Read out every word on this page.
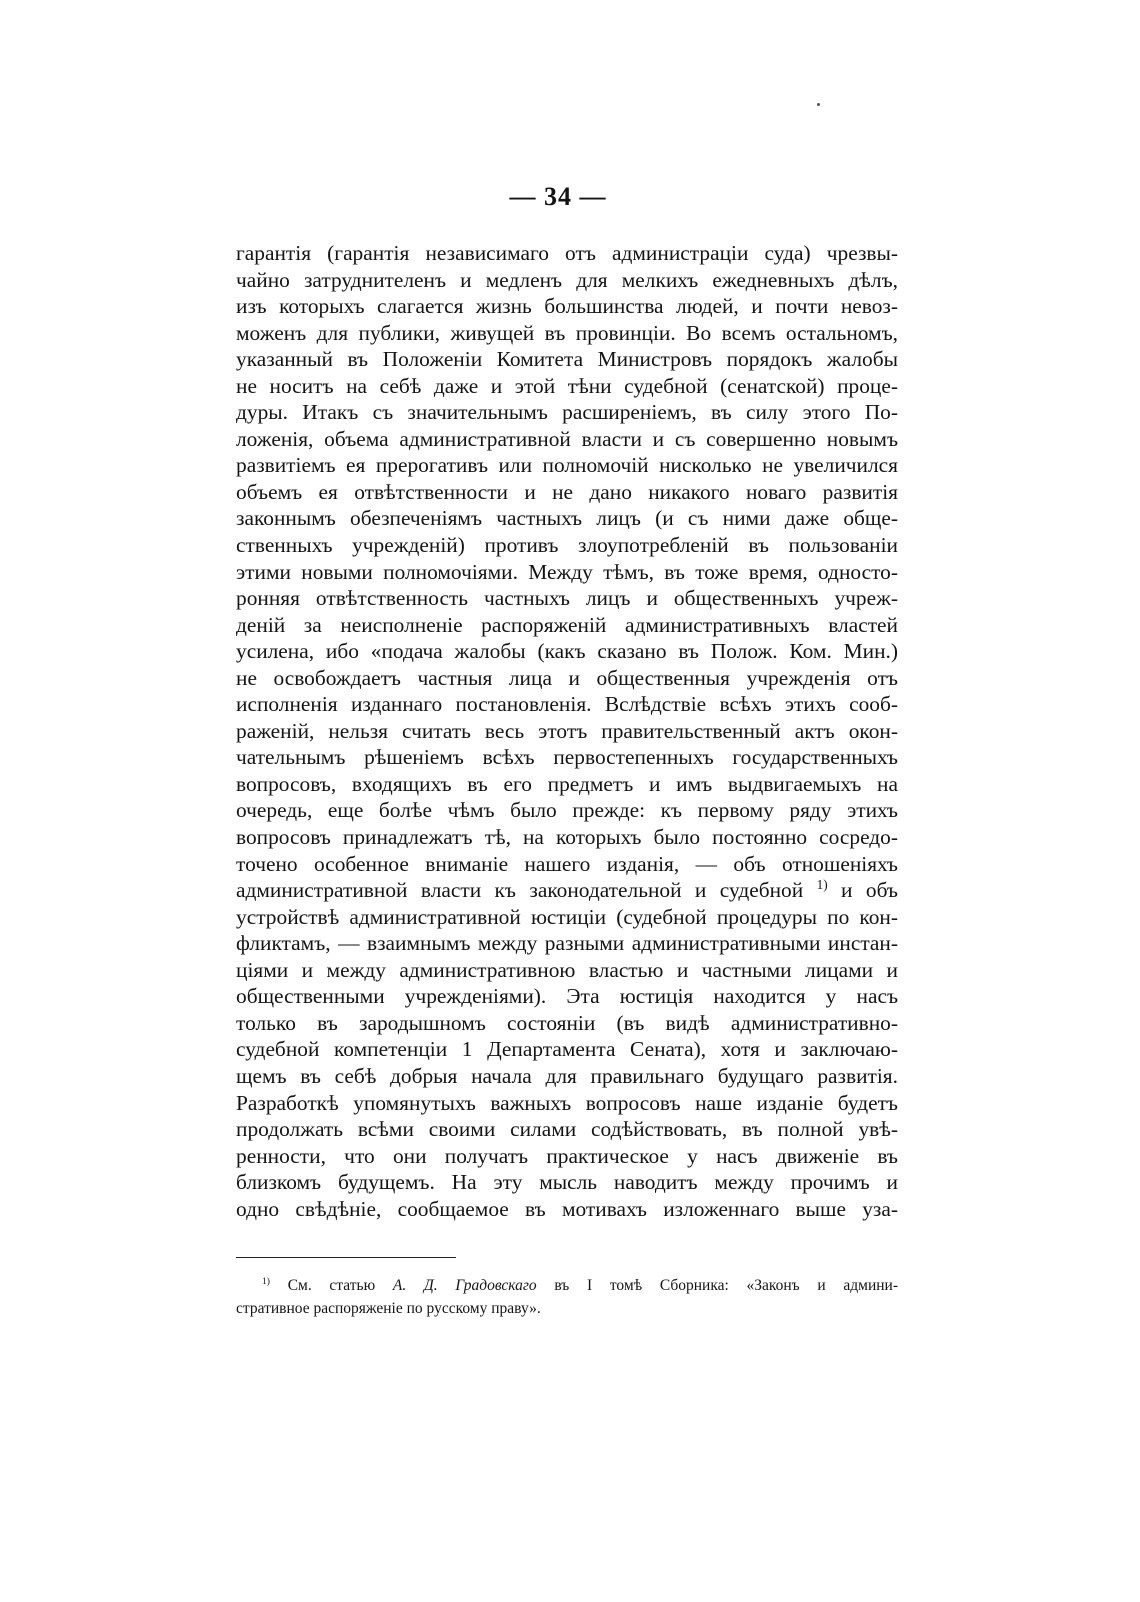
— 34 —
гарантія (гарантія независимаго отъ администраціи суда) чрезвы-
чайно затруднителенъ и медленъ для мелкихъ ежедневныхъ дѣлъ,
изъ которыхъ слагается жизнь большинства людей, и почти невоз-
моженъ для публики, живущей въ провинціи. Во всемъ остальномъ,
указанный въ Положеніи Комитета Министровъ порядокъ жалобы
не носитъ на себѣ даже и этой тѣни судебной (сенатской) проце-
дуры. Итакъ съ значительнымъ расширеніемъ, въ силу этого По-
ложенія, объема административной власти и съ совершенно новымъ
развитіемъ ея прерогативъ или полномочій нисколько не увеличился
объемъ ея отвѣтственности и не дано никакого новаго развитія
законнымъ обезпеченіямъ частныхъ лицъ (и съ ними даже обще-
ственныхъ учрежденій) противъ злоупотребленій въ пользованіи
этими новыми полномочіями. Между тѣмъ, въ тоже время, односто-
ронняя отвѣтственность частныхъ лицъ и общественныхъ учреж-
деній за неисполненіе распоряженій административныхъ властей
усилена, ибо «подача жалобы (какъ сказано въ Полож. Ком. Мин.)
не освобождаетъ частныя лица и общественныя учрежденія отъ
исполненія изданнаго постановленія. Вслѣдствіе всѣхъ этихъ сооб-
раженій, нельзя считать весь этотъ правительственный актъ окон-
чательнымъ рѣшеніемъ всѣхъ первостепенныхъ государственныхъ
вопросовъ, входящихъ въ его предметъ и имъ выдвигаемыхъ на
очередь, еще болѣе чѣмъ было прежде: къ первому ряду этихъ
вопросовъ принадлежатъ тѣ, на которыхъ было постоянно сосредо-
точено особенное вниманіе нашего изданія, — объ отношеніяхъ
административной власти къ законодательной и судебной $^{1)}$ и объ
устройствѣ административной юстиціи (судебной процедуры по кон-
фликтамъ, — взаимнымъ между разными административными инстан-
ціями и между административною властью и частными лицами и
общественными учрежденіями). Эта юстиція находится у насъ
только въ зародышномъ состояніи (въ видѣ административно-
судебной компетенціи 1 Департамента Сената), хотя и заключаю-
щемъ въ себѣ добрыя начала для правильнаго будущаго развитія.
Разработкѣ упомянутыхъ важныхъ вопросовъ наше изданіе будетъ
продолжать всѣми своими силами содѣйствовать, въ полной увѣ-
ренности, что они получатъ практическое у насъ движеніе въ
близкомъ будущемъ. На эту мысль наводитъ между прочимъ и
одно свѣдѣніе, сообщаемое въ мотивахъ изложеннаго выше уза-
$^{1)}$ См. статью А. Д. Градовскаго въ I томѣ Сборника: «Законъ и админи-
стративное распоряженіе по русскому праву».
